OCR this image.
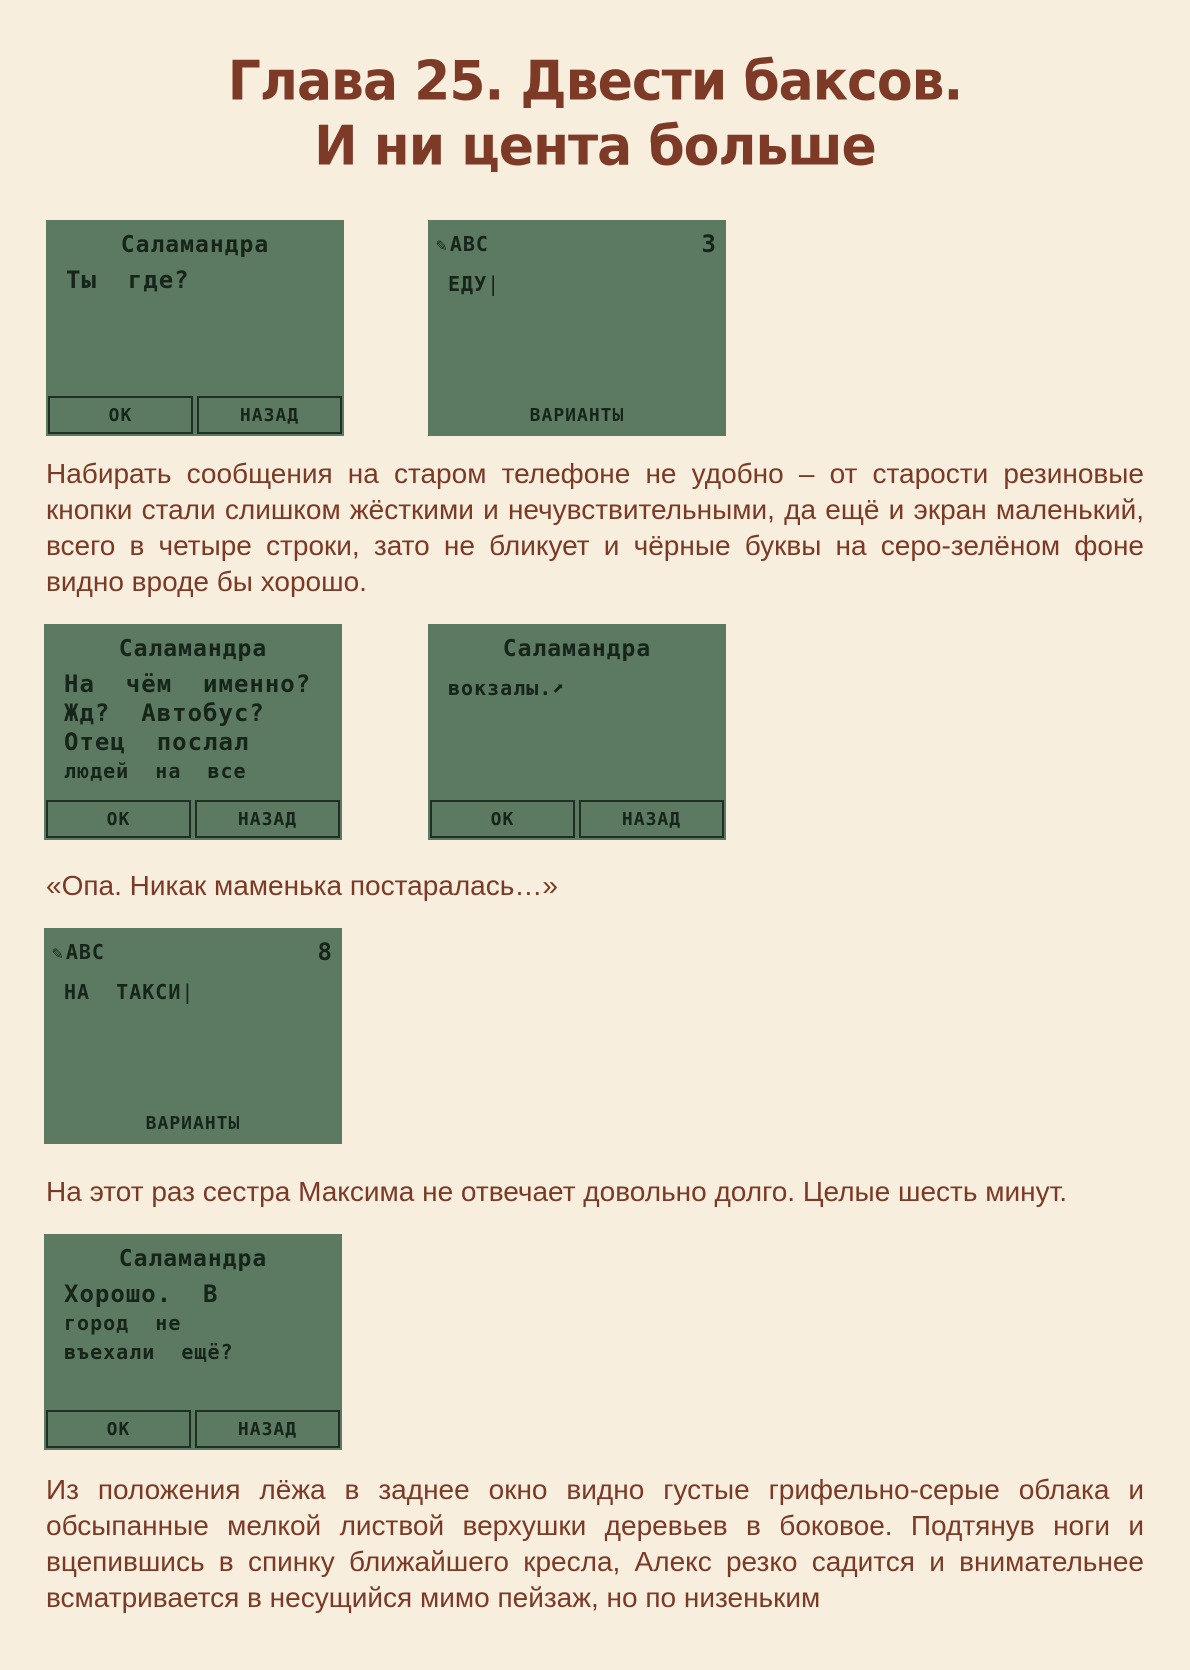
Глава 25. Двести баксов.
И ни цента больше
Саламандра
Ты  где?
ОК	НАЗАД
✎ ABC	3
ЕДУ|
ВАРИАНТЫ
Набирать сообщения на старом телефоне не удобно – от старости резиновые кнопки стали слишком жёсткими и нечувствительными, да ещё и экран маленький, всего в четыре строки, зато не бликует и чёрные буквы на серо-зелёном фоне видно вроде бы хорошо.
Саламандра
На  чём  именно?
Жд?  Автобус?
Отец  послал
людей  на  все
ОК	НАЗАД
Саламандра
вокзалы.⬈
ОК	НАЗАД
«Опа. Никак маменька постаралась…»
✎ ABC	8
НА  ТАКСИ|
ВАРИАНТЫ
На этот раз сестра Максима не отвечает довольно долго. Целые шесть минут.
Саламандра
Хорошо.  В
город  не
въехали  ещё?
ОК	НАЗАД
Из положения лёжа в заднее окно видно густые грифельно-серые облака и обсыпанные мелкой листвой верхушки деревьев в боковое. Подтянув ноги и вцепившись в спинку ближайшего кресла, Алекс резко садится и внимательнее всматривается в несущийся мимо пейзаж, но по низеньким
